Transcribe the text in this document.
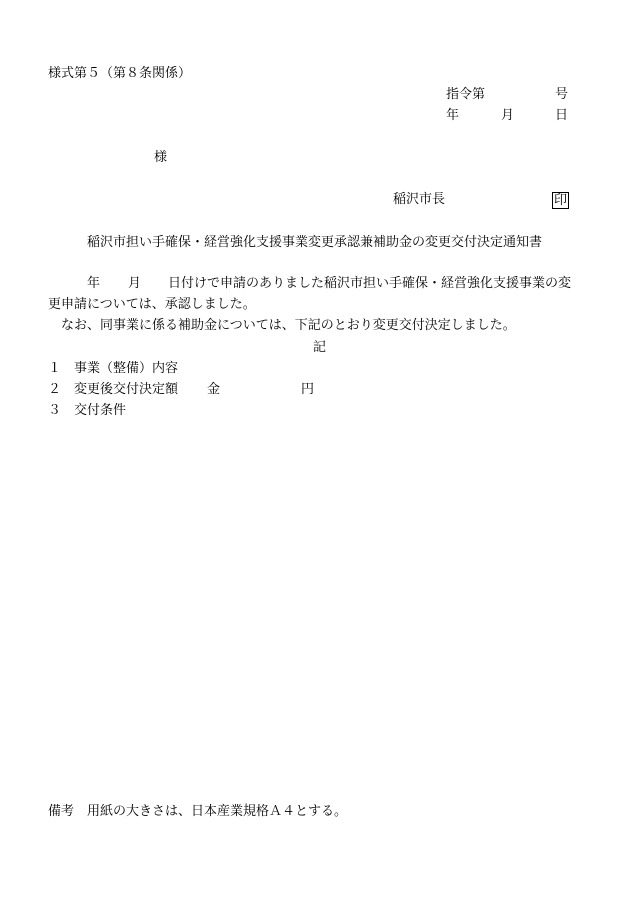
様式第５（第８条関係）
指令第	号
年	月	日
様
稲沢市長	印
稲沢市担い手確保・経営強化支援事業変更承認兼補助金の変更交付決定通知書
年 月 日付けで申請のありました稲沢市担い手確保・経営強化支援事業の変
更申請については、承認しました。
なお、同事業に係る補助金については、下記のとおり変更交付決定しました。
記
１ 事業（整備）内容
２ 変更後交付決定額 金	円
３ 交付条件
備考　用紙の大きさは、日本産業規格Ａ４とする。
